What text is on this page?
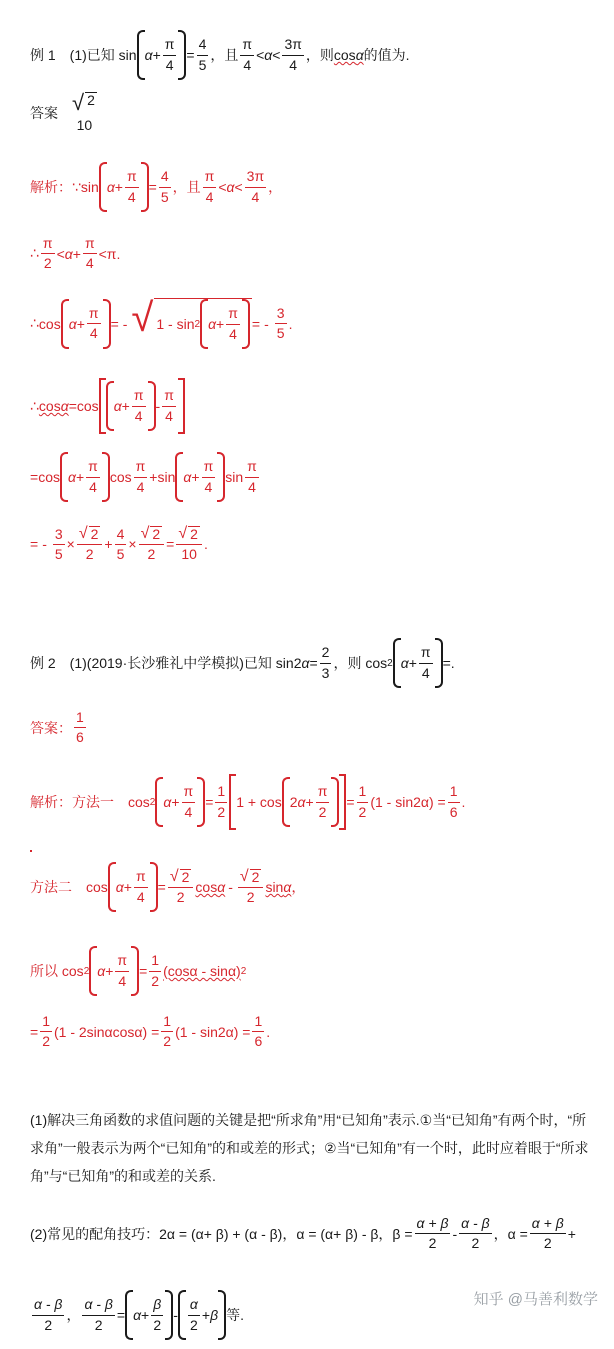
例 1　(1)已知 $\sin \alpha + \frac{\pi}{4} = \frac{4}{5}$ ，且 $\frac{\pi}{4} < \alpha < \frac{3\pi}{4}$ ，则 cosα 的值为.
答案 √ 2
10
解析：∵sin $\alpha + \frac{\pi}{4} = \frac{4}{5}$ ，且 $\frac{\pi}{4} < \alpha < \frac{3\pi}{4}$ ，
∴ $\frac{\pi}{2} < \alpha + \frac{\pi}{4} <\pi$.
∴ $\cos \alpha + \frac{\pi}{4}$ = - √ 1 - sin 2 $\alpha + \frac{\pi}{4}$ = - $\frac{3}{5}$ .
∴ $\cos\alpha = \cos \alpha + \frac{\pi}{4} - \frac{\pi}{4}$
= $\cos \alpha + \frac{\pi}{4}$ $\cos \frac{\pi}{4} + \sin \alpha + \frac{\pi}{4}$ $\sin \frac{\pi}{4}$
= - $\frac{3}{5} \times \frac{√ 2}{2} + \frac{4}{5} \times \frac{√ 2}{2} = \frac{√ 2}{10}$ .
例 2　(1)(2019·长沙雅礼中学模拟)已知 sin2 $\alpha = \frac{2}{3}$ ，则 cos 2 $\alpha + \frac{\pi}{4}$ = .
答案： $\frac{1}{6}$
解析：方法一　cos 2 $\alpha + \frac{\pi}{4} = \frac{1}{2} 1 + \cos 2$ $\alpha + \frac{\pi}{2} = \frac{1}{2} (1 - \sin 2\alpha) = \frac{1}{6}$ .
方法二　$\cos \alpha + \frac{\pi}{4} = \frac{√ 2}{2}$ cosα - $\frac{√ 2}{2}$ sinα ，
所以 cos 2 $\alpha + \frac{\pi}{4} = \frac{1}{2} (\cos\alpha - \sin\alpha)$ 2
= $\frac{1}{2} (1 - 2\sin\alpha\cos\alpha) = \frac{1}{2} (1 - \sin 2\alpha) = \frac{1}{6}$ .
(1)解决三角函数的求值问题的关键是把“所求角”用“已知角”表示.①当“已知角”有两个时，“所求角”一般表示为两个“已知角”的和或差的形式；②当“已知角”有一个时，此时应着眼于“所求角”与“已知角”的和或差的关系.
(2)常见的配角技巧：2α = (α+ β) + (α - β)，α = (α+ β) - β，$\beta = \frac{\alpha + \beta}{2} - \frac{\alpha - \beta}{2}$ ，$\alpha = \frac{\alpha + \beta}{2}$ +
$\frac{\alpha - \beta}{2}$ ， $\frac{\alpha - \beta}{2} = \alpha + \frac{\beta}{2} - \frac{\alpha}{2} + \beta$ 等.
知乎 @马善利数学
